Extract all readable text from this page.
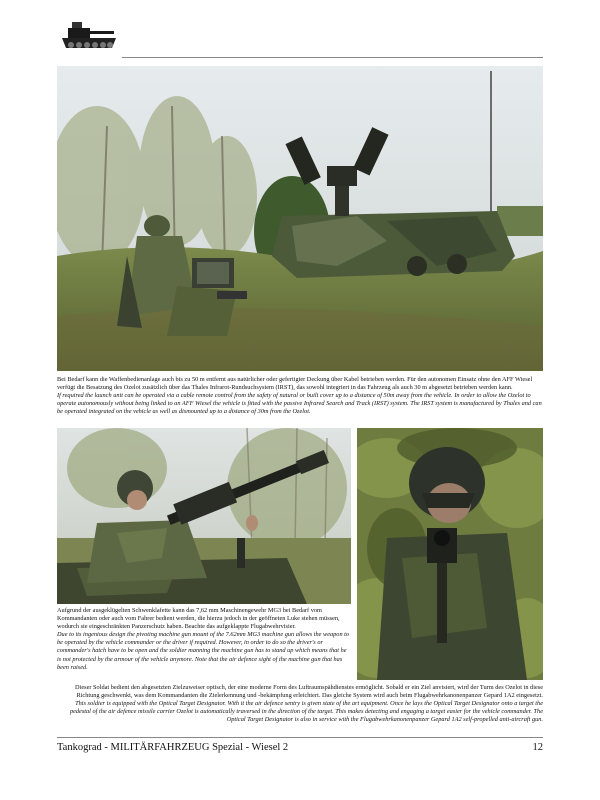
Bei Bedarf kann die Waffenbedienanlage auch bis zu 50 m entfernt aus natürlicher oder gefertigter Deckung über Kabel betrieben werden. Für den autonomen Einsatz ohne den AFF Wiesel verfügt die Besatzung des Ozelot zusätzlich über das Thales Infrarot-Rundsuchsystem (IRST), das sowohl integriert in das Fahrzeug als auch 30 m abgesetzt betrieben werden kann.

If required the launch unit can be operated via a cable remote control from the safety of natural or built cover up to a distance of 50m away from the vehicle. In order to allow the Ozelot to operate autonomously without being linked to an AFF Wiesel the vehicle is fitted with the passive Infrared Search and Track (IRST) system. The IRST system is manufactured by Thales and can be operated integrated on the vehicle as well as dismounted up to a distance of 30m from the Ozelot.

Aufgrund der ausgeklügelten Schwenklafette kann das 7,62 mm Maschinengewehr MG3 bei Bedarf vom Kommandanten oder auch vom Fahrer bedient werden, die hierzu jedoch in der geöffneten Luke stehen müssen, wodurch sie eingeschränkten Panzerschutz haben. Beachte das aufgeklappte Flugabwehrvisier.

Due to its ingenious design the pivoting machine gun mount of the 7.62mm MG3 machine gun allows the weapon to be operated by the vehicle commander or the driver if required. However, in order to do so the driver's or commander's hatch have to be open and the soldier manning the machine gun has to stand up which means that he is not protected by the armour of the vehicle anymore. Note that the air defence sight of the machine gun that has been raised.

Dieser Soldat bedient den abgesetzten Zielzuweiser optisch, der eine moderne Form des Luftraumspähdienstes ermöglicht. Sobald er ein Ziel anvisiert, wird der Turm des Ozelot in diese Richtung geschwenkt, was dem Kommandanten die Zielerkennung und -bekämpfung erleichtert. Das gleiche System wird auch beim Flugabwehrkanonenpanzer Gepard 1A2 eingesetzt.

This soldier is equipped with the Optical Target Designator. With it the air defence sentry is given state of the art equipment. Once he lays the Optical Target Designator onto a target the pedestal of the air defence missile carrier Ozelot is automatically traversed in the direction of the target. This makes detecting and engaging a target easier for the vehicle commander. The Optical Target Designator is also in service with the Flugabwehrkanonenpanzer Gepard 1A2 self-propelled anti-aircraft gun.

Tankograd - MILITÄRFAHRZEUG Spezial - Wiesel 2	12
